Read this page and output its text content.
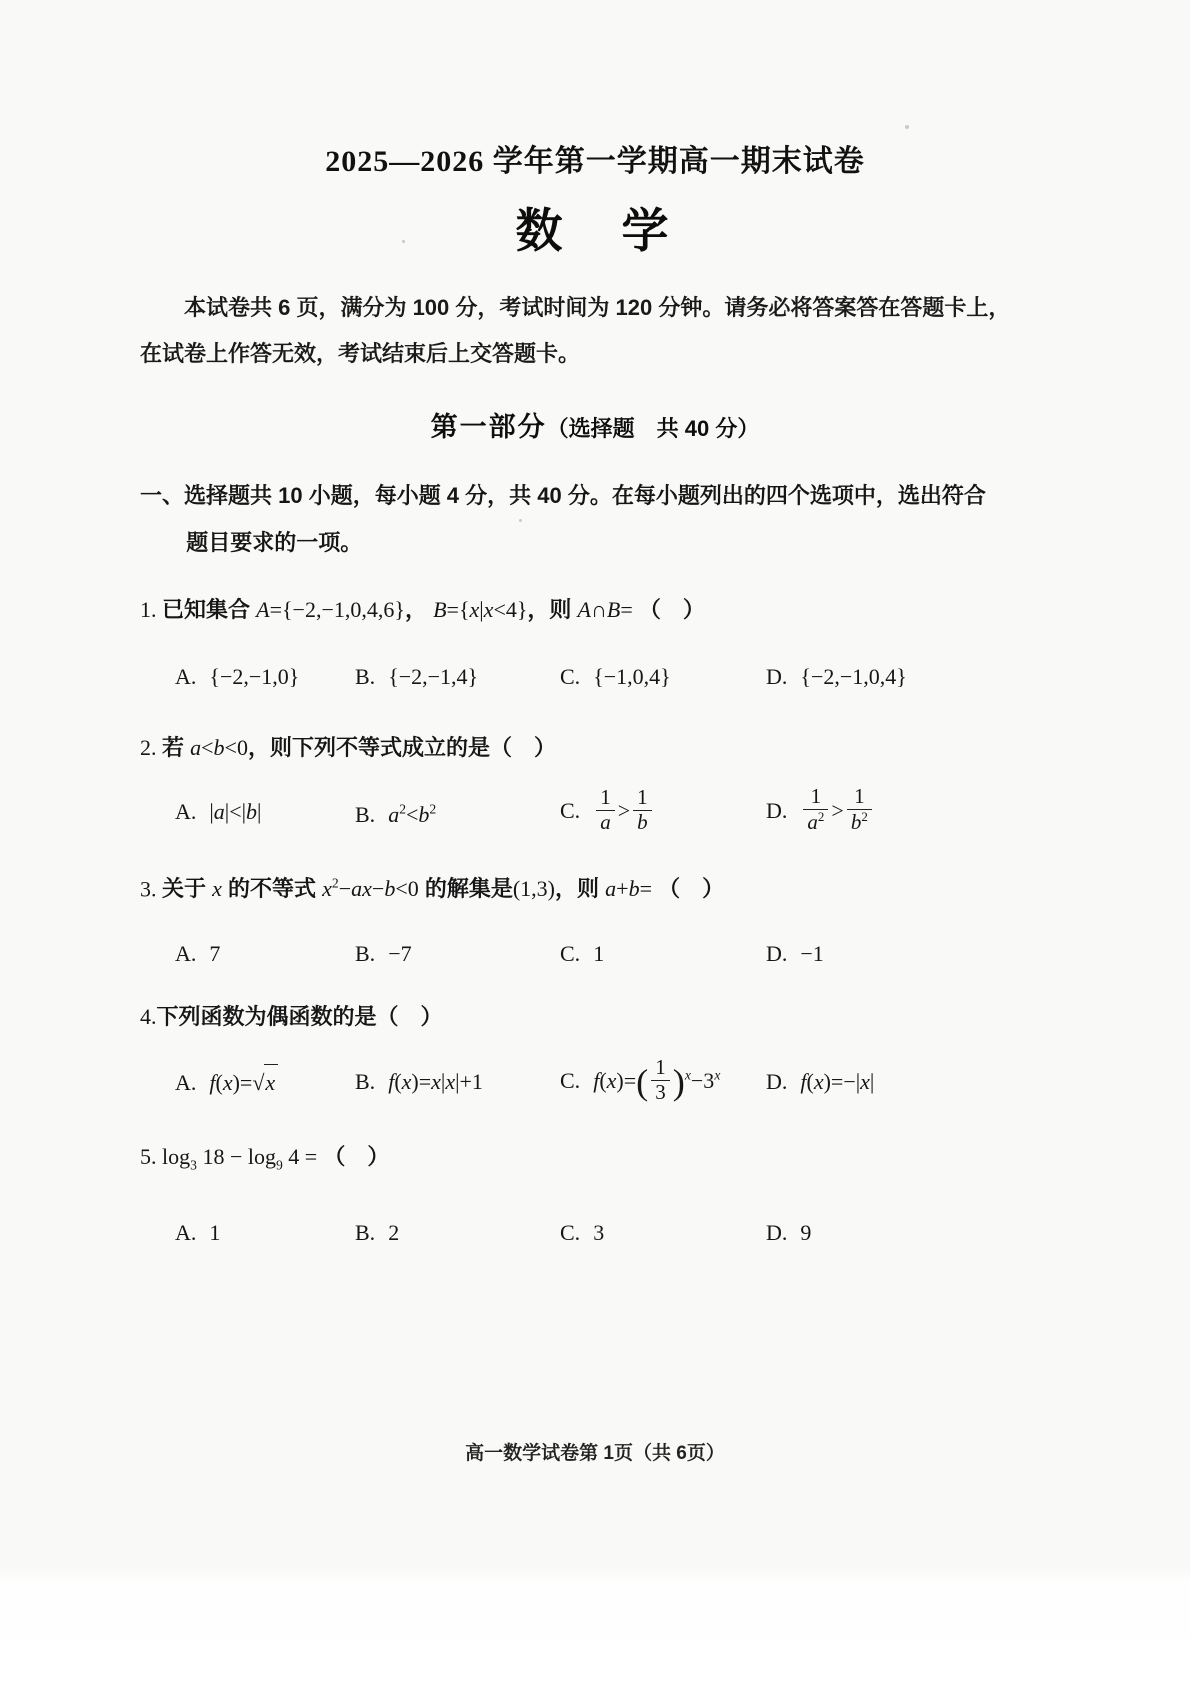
2025—2026 学年第一学期高一期末试卷
数　学
本试卷共 6 页，满分为 100 分，考试时间为 120 分钟。请务必将答案答在答题卡上，
在试卷上作答无效，考试结束后上交答题卡。
第一部分（选择题　共 40 分）
一、选择题共 10 小题，每小题 4 分，共 40 分。在每小题列出的四个选项中，选出符合
题目要求的一项。
1. 已知集合 A={−2,−1,0,4,6}， B={x|x<4}，则 A∩B= （　）
A. {−2,−1,0}	B. {−2,−1,4}	C. {−1,0,4}	D. {−2,−1,0,4}
2. 若 a<b<0，则下列不等式成立的是（　）
A. |a|<|b|	B. $a^2<b^2$	C. $\frac{1}{a} > \frac{1}{b}$	D. $\frac{1}{a^2} > \frac{1}{b^2}$
3. 关于 x 的不等式 $x^2-ax-b<0$ 的解集是(1,3)，则 a+b= （　）
A. 7	B. −7	C. 1	D. −1
4.下列函数为偶函数的是（　）
A. f(x)= √ x	B. f(x)=x|x|+1	C. $f(x)=( \frac{1}{3} )^x-3^x$	D. f(x)=−|x|
5. $\log_3 18 - \log_9 4$ = （　）
A. 1	B. 2	C. 3	D. 9
高一数学试卷第 1页（共 6页）
